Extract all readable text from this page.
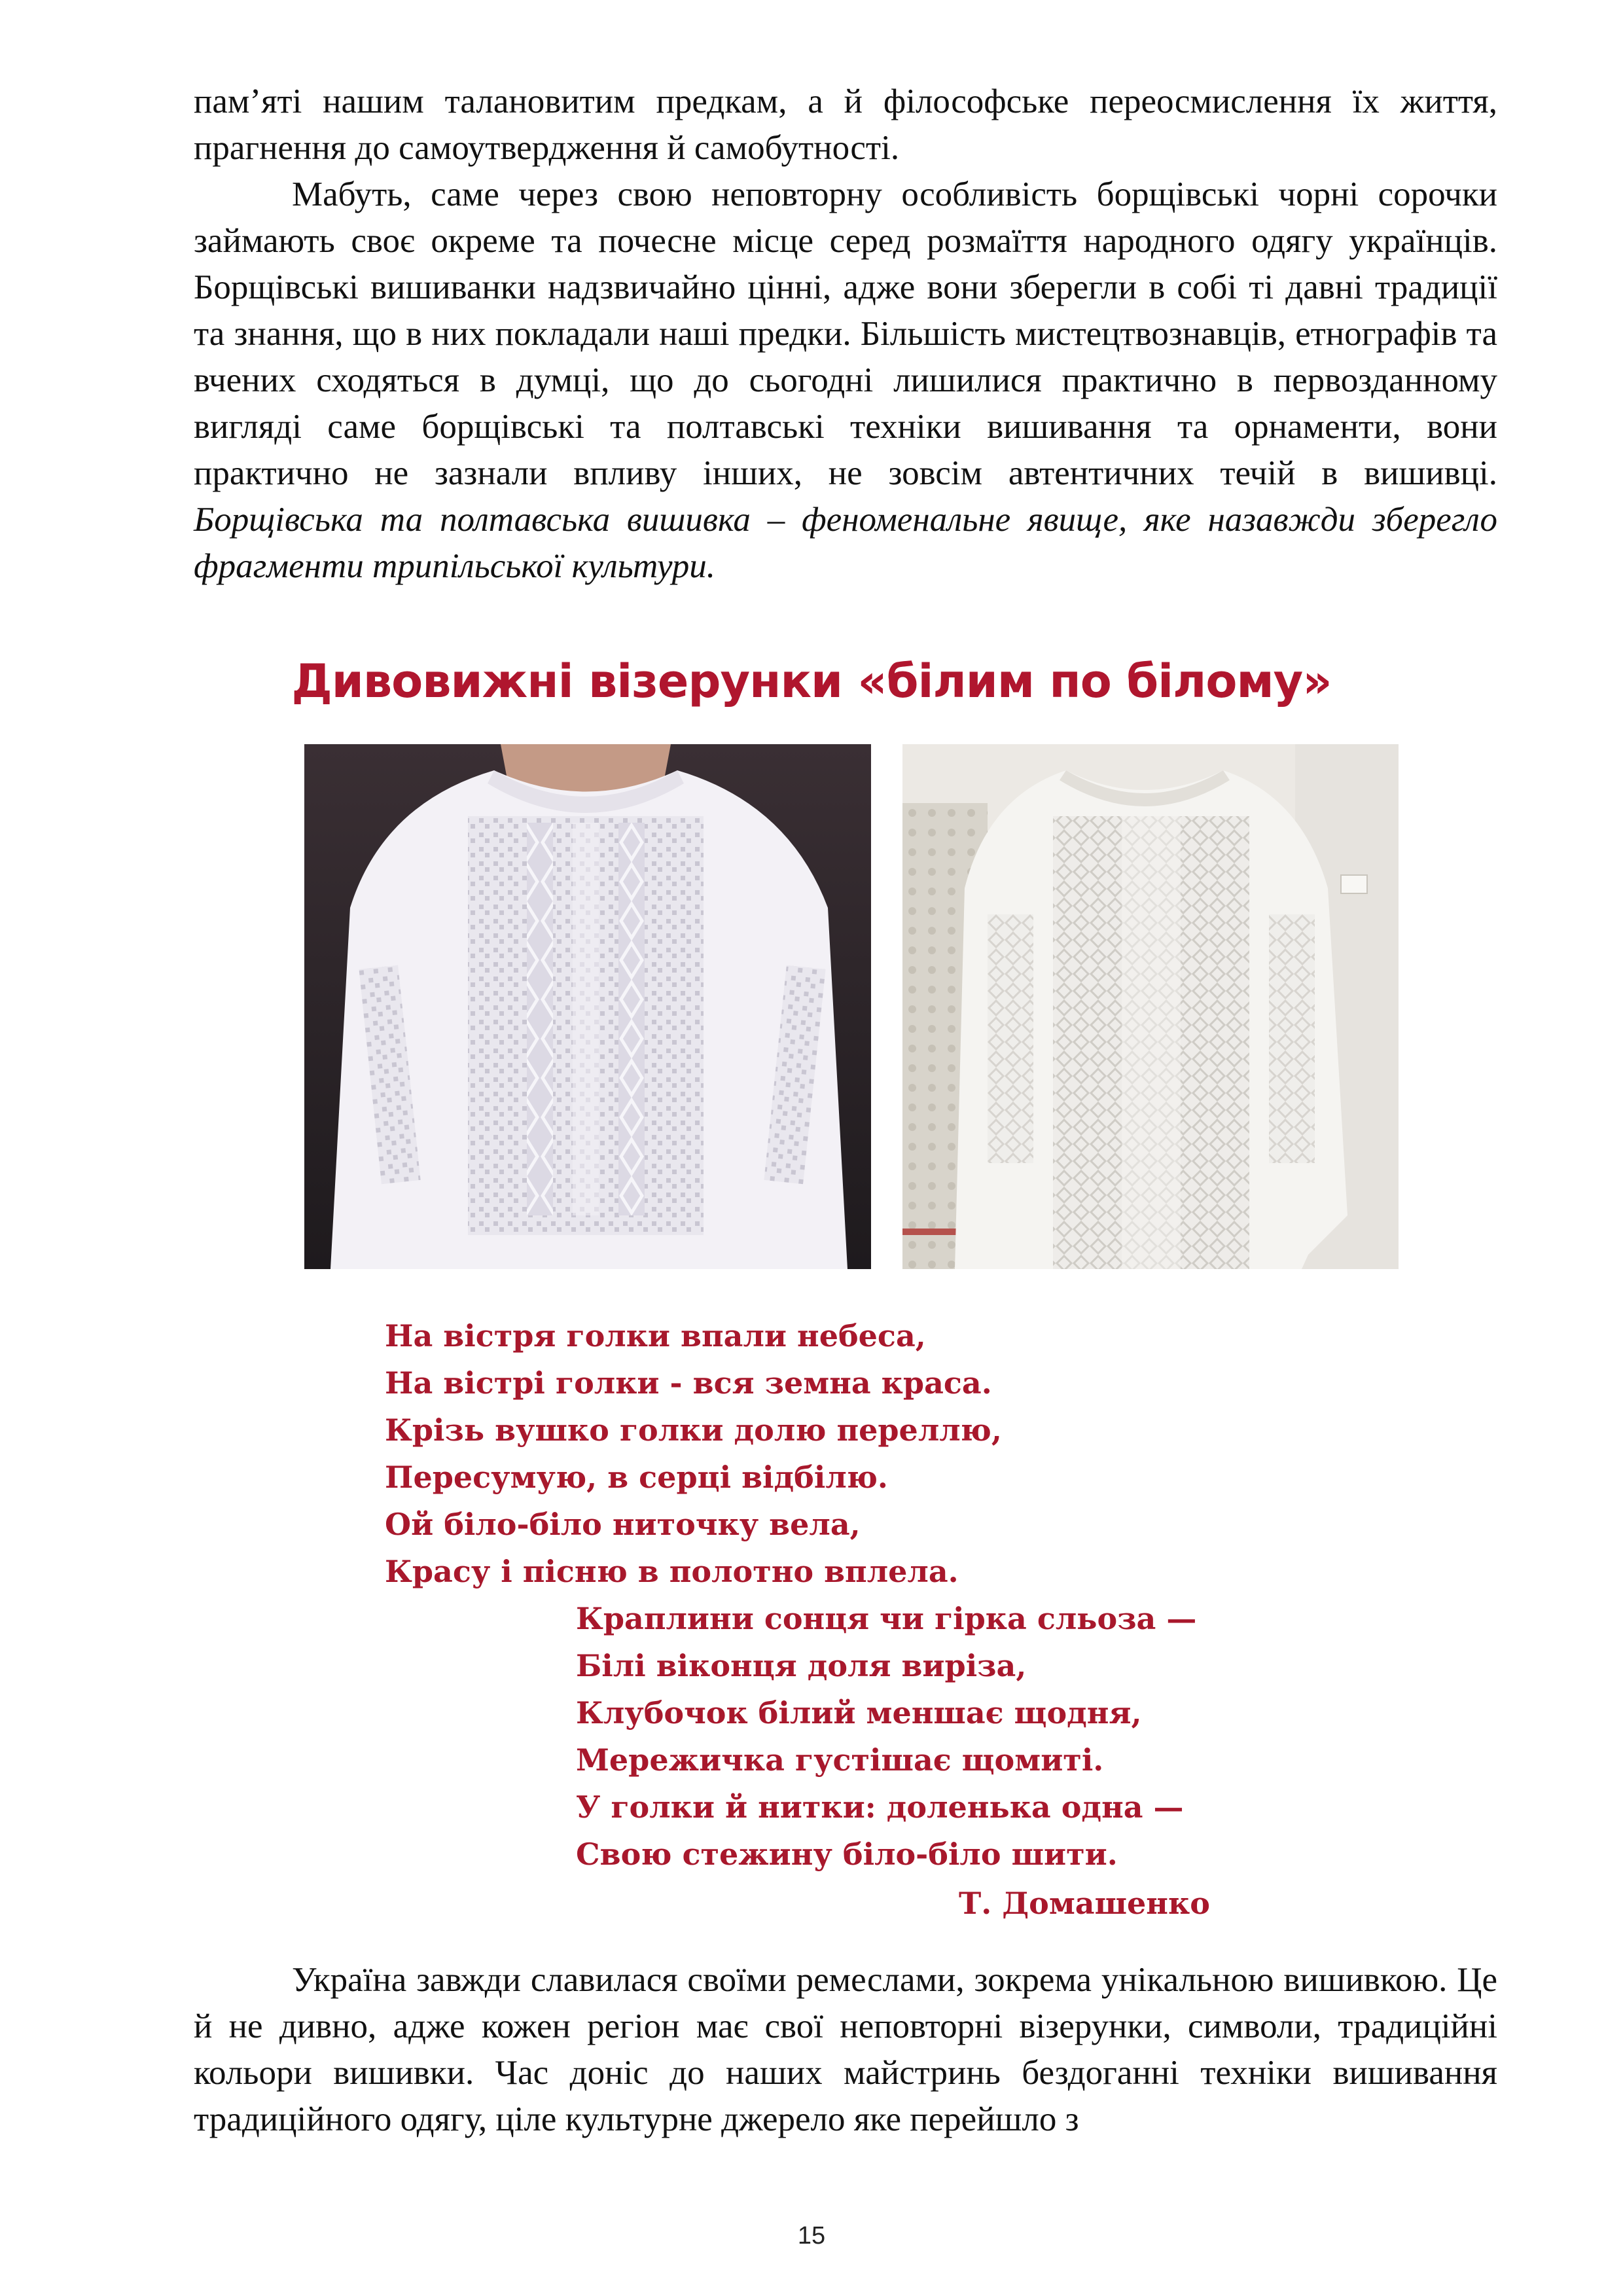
пам’яті нашим талановитим предкам, а й філософське переосмислення їх життя, прагнення до самоутвердження й самобутності.

Мабуть, саме через свою неповторну особливість борщівські чорні сорочки займають своє окреме та почесне місце серед розмаїття народного одягу українців. Борщівські вишиванки надзвичайно цінні, адже вони зберегли в собі ті давні традиції та знання, що в них покладали наші предки. Більшість мистецтвознавців, етнографів та вчених сходяться в думці, що до сьогодні лишилися практично в первозданному вигляді саме борщівські та полтавські техніки вишивання та орнаменти, вони практично не зазнали впливу інших, не зовсім автентичних течій в вишивці. Борщівська та полтавська вишивка – феноменальне явище, яке назавжди зберегло фрагменти трипільської культури.

Дивовижні візерунки «білим по білому»
На вістря голки впали небеса,
На вістрі голки - вся земна краса.
Крізь вушко голки долю переллю,
Пересумую, в серці відбілю.
Ой біло-біло ниточку вела,
Красу і пісню в полотно вплела.
Краплини сонця чи гірка сльоза —
Білі віконця доля виріза,
Клубочок білий меншає щодня,
Мережичка густішає щомиті.
У голки й нитки: доленька одна —
Свою стежину біло-біло шити.
Т. Домашенко

Україна завжди славилася своїми ремеслами, зокрема унікальною вишивкою. Це й не дивно, адже кожен регіон має свої неповторні візерунки, символи, традиційні кольори вишивки. Час доніс до наших майстринь бездоганні техніки вишивання традиційного одягу, ціле культурне джерело яке перейшло з

15
